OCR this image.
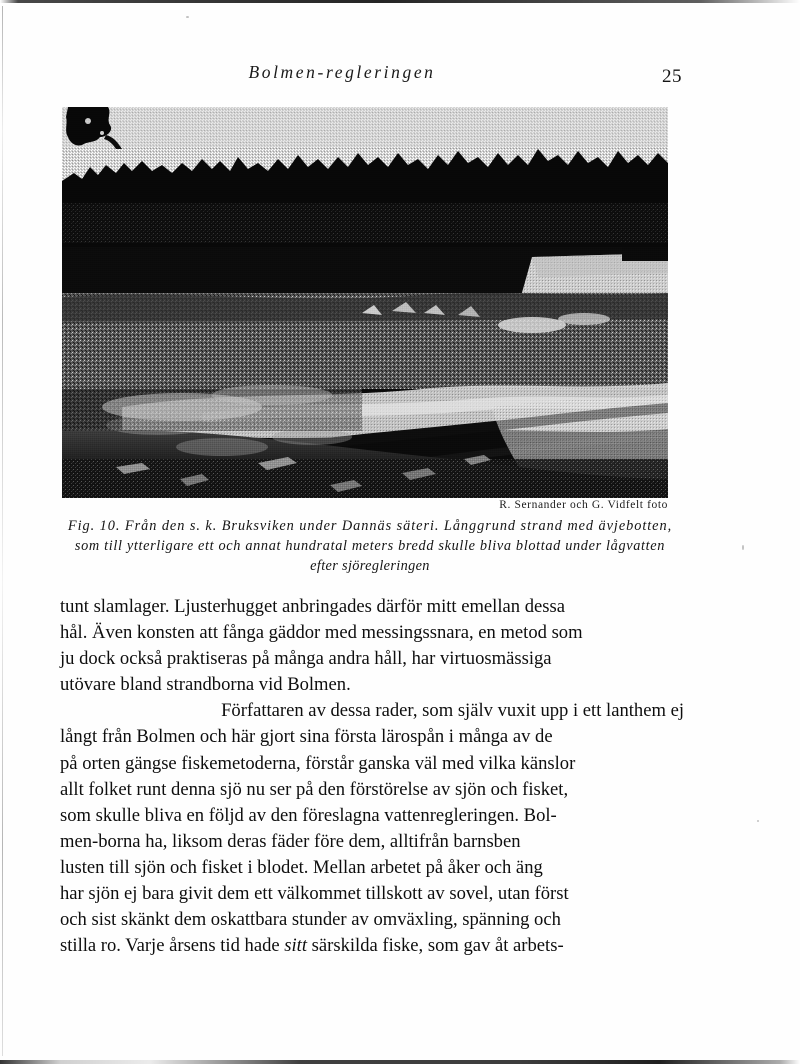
Bolmen-regleringen	25
R. Sernander och G. Vidfelt foto
Fig. 10. Från den s. k. Bruksviken under Dannäs säteri. Långgrund strand med ävjebotten,
som till ytterligare ett och annat hundratal meters bredd skulle bliva blottad under lågvatten
efter sjöregleringen

tunt slamlager. Ljusterhugget anbringades därför mitt emellan dessa
hål. Även konsten att fånga gäddor med messingssnara, en metod som
ju dock också praktiseras på många andra håll, har virtuosmässiga
utövare bland strandborna vid Bolmen.

Författaren av dessa rader, som själv vuxit upp i ett lanthem ej
långt från Bolmen och här gjort sina första lärospån i många av de
på orten gängse fiskemetoderna, förstår ganska väl med vilka känslor
allt folket runt denna sjö nu ser på den förstörelse av sjön och fisket,
som skulle bliva en följd av den föreslagna vattenregleringen. Bol-
men-borna ha, liksom deras fäder före dem, alltifrån barnsben
lusten till sjön och fisket i blodet. Mellan arbetet på åker och äng
har sjön ej bara givit dem ett välkommet tillskott av sovel, utan först
och sist skänkt dem oskattbara stunder av omväxling, spänning och
stilla ro. Varje årsens tid hade sitt särskilda fiske, som gav åt arbets-
